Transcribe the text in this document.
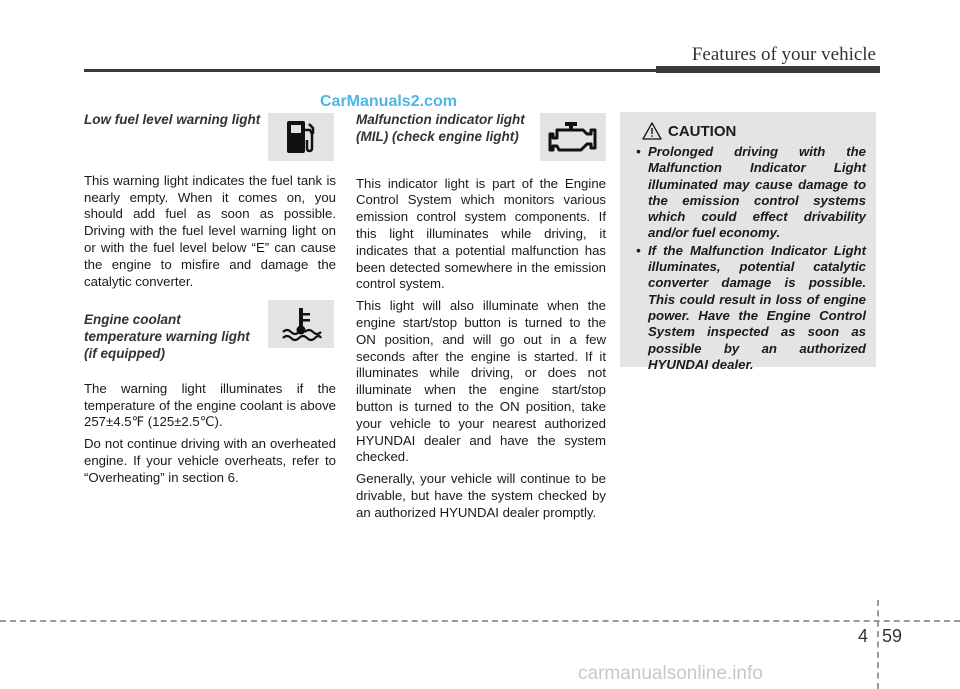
Features of your vehicle
CarManuals2.com

Low fuel level warning light

This warning light indicates the fuel tank is nearly empty. When it comes on, you should add fuel as soon as possible. Driving with the fuel level warning light on or with the fuel level below “E” can cause the engine to misfire and damage the catalytic converter.

Engine coolant

temperature warning light

(if equipped)

The warning light illuminates if the temperature of the engine coolant is above 257±4.5℉ (125±2.5℃).

Do not continue driving with an overheated engine. If your vehicle overheats, refer to “Overheating” in section 6.

Malfunction indicator light

(MIL) (check engine light)

This indicator light is part of the Engine Control System which monitors various emission control system components. If this light illuminates while driving, it indicates that a potential malfunction has been detected somewhere in the emission control system.

This light will also illuminate when the engine start/stop button is turned to the ON position, and will go out in a few seconds after the engine is started. If it illuminates while driving, or does not illuminate when the engine start/stop button is turned to the ON position, take your vehicle to your nearest authorized HYUNDAI dealer and have the system checked.

Generally, your vehicle will continue to be drivable, but have the system checked by an authorized HYUNDAI dealer promptly.

CAUTION
• Prolonged driving with the Malfunction Indicator Light illuminated may cause damage to the emission control systems which could effect drivability and/or fuel economy.
• If the Malfunction Indicator Light illuminates, potential catalytic converter damage is possible. This could result in loss of engine power. Have the Engine Control System inspected as soon as possible by an authorized HYUNDAI dealer.
4 59
carmanualsonline.info
